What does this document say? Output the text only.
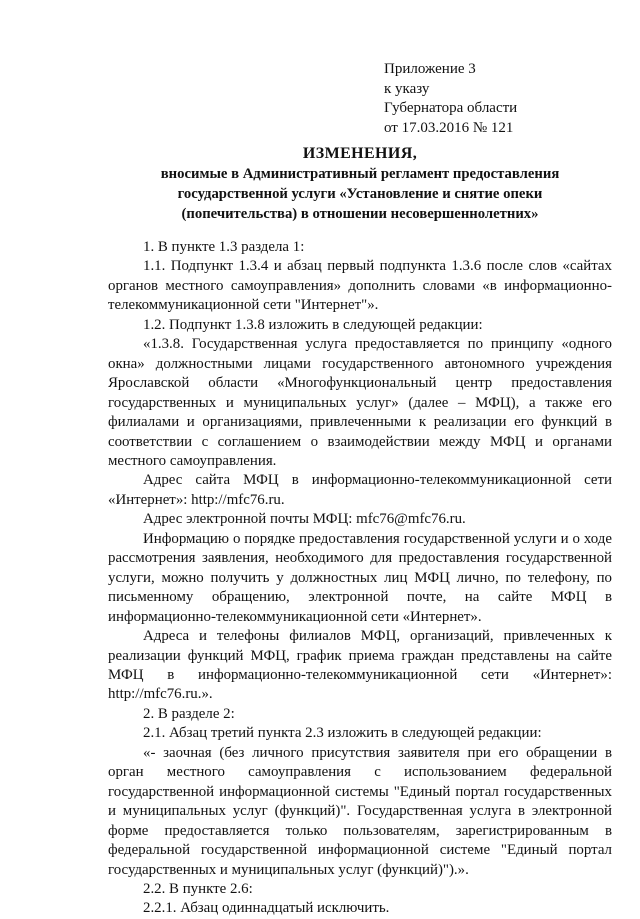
Приложение 3
к указу
Губернатора области
от 17.03.2016 № 121
ИЗМЕНЕНИЯ,
вносимые в Административный регламент предоставления
государственной услуги «Установление и снятие опеки
(попечительства) в отношении несовершеннолетних»

1. В пункте 1.3 раздела 1:

1.1. Подпункт 1.3.4 и абзац первый подпункта 1.3.6 после слов «сайтах органов местного самоуправления» дополнить словами «в информационно-телекоммуникационной сети "Интернет"».

1.2. Подпункт 1.3.8 изложить в следующей редакции:

«1.3.8. Государственная услуга предоставляется по принципу «одного окна» должностными лицами государственного автономного учреждения Ярославской области «Многофункциональный центр предоставления государственных и муниципальных услуг» (далее – МФЦ), а также его филиалами и организациями, привлеченными к реализации его функций в соответствии с соглашением о взаимодействии между МФЦ и органами местного самоуправления.

Адрес сайта МФЦ в информационно-телекоммуникационной сети «Интернет»: http://mfc76.ru.

Адрес электронной почты МФЦ: mfc76@mfc76.ru.

Информацию о порядке предоставления государственной услуги и о ходе рассмотрения заявления, необходимого для предоставления государственной услуги, можно получить у должностных лиц МФЦ лично, по телефону, по письменному обращению, электронной почте, на сайте МФЦ в информационно-телекоммуникационной сети «Интернет».

Адреса и телефоны филиалов МФЦ, организаций, привлеченных к реализации функций МФЦ, график приема граждан представлены на сайте МФЦ в информационно-телекоммуникационной сети «Интернет»: http://mfc76.ru.».

2. В разделе 2:

2.1. Абзац третий пункта 2.3 изложить в следующей редакции:

«- заочная (без личного присутствия заявителя при его обращении в орган местного самоуправления с использованием федеральной государственной информационной системы "Единый портал государственных и муниципальных услуг (функций)". Государственная услуга в электронной форме предоставляется только пользователям, зарегистрированным в федеральной государственной информационной системе "Единый портал государственных и муниципальных услуг (функций)").».

2.2. В пункте 2.6:

2.2.1. Абзац одиннадцатый исключить.
